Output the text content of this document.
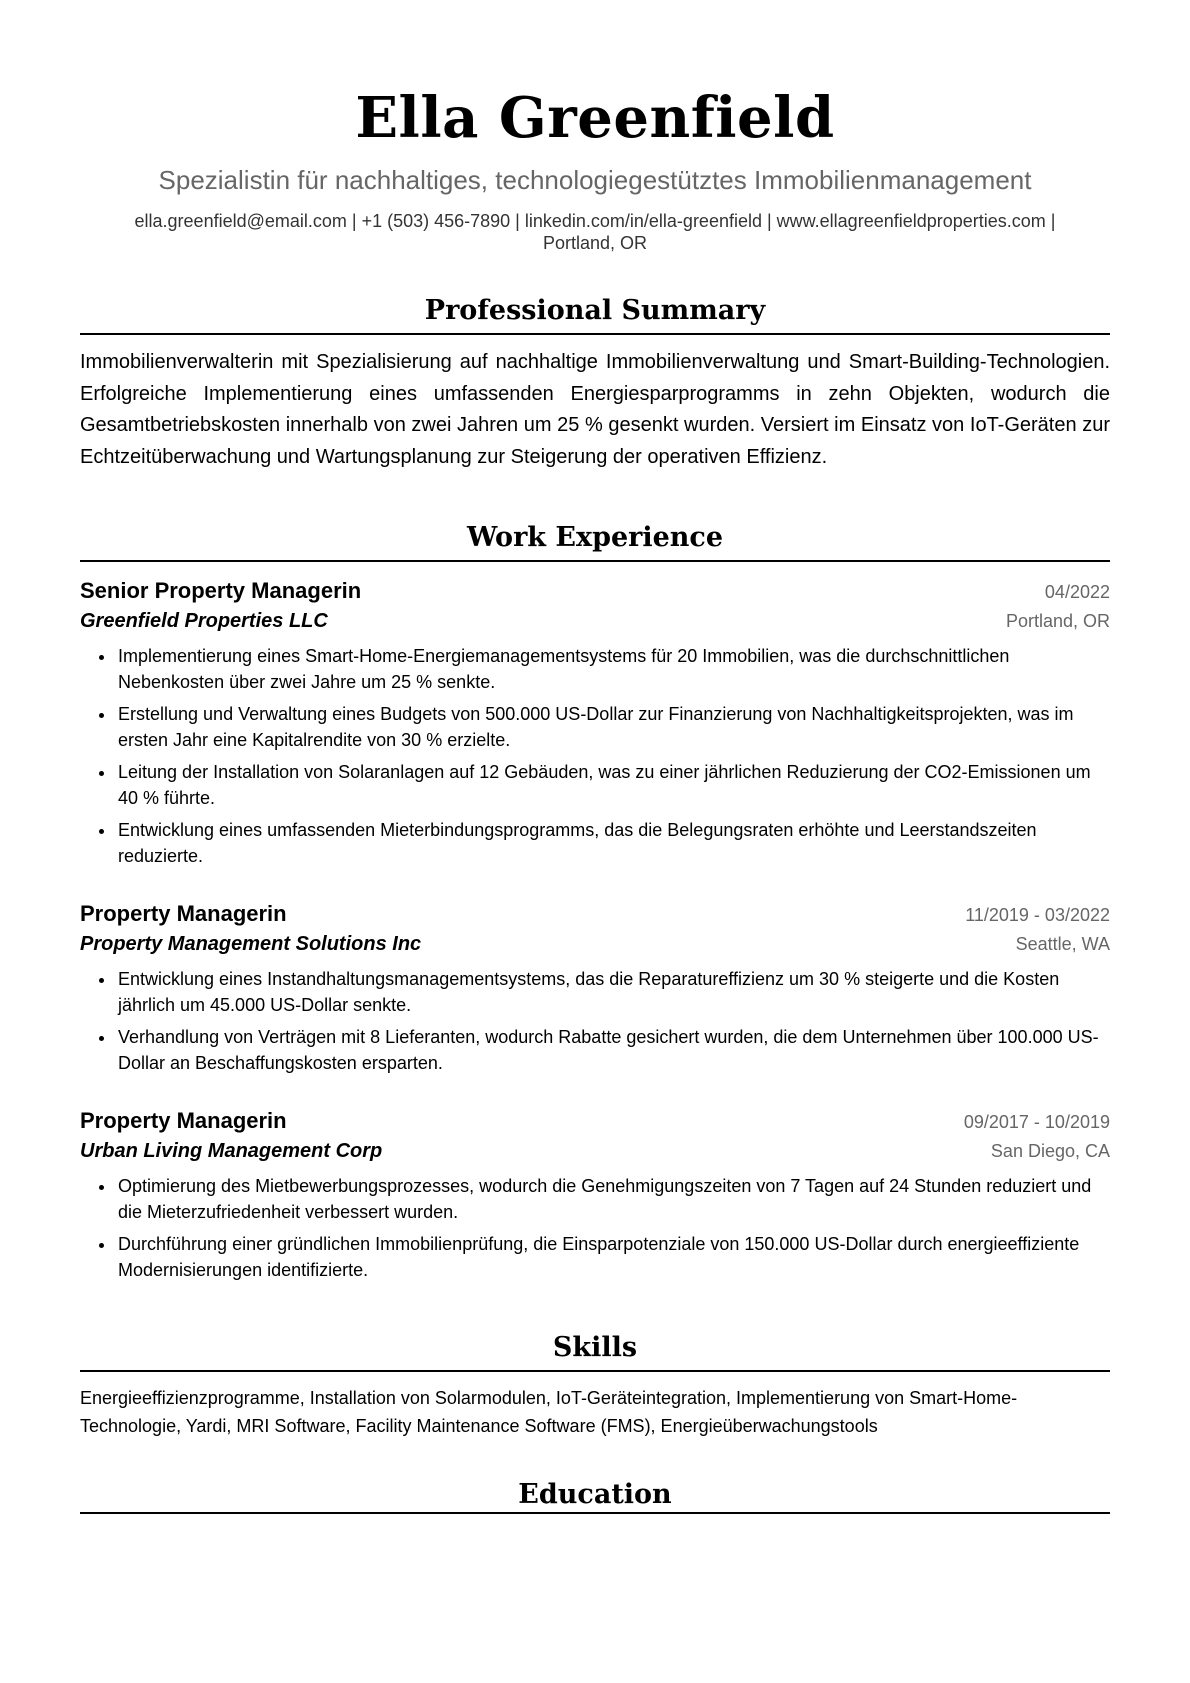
Ella Greenfield
Spezialistin für nachhaltiges, technologiegestütztes Immobilienmanagement
ella.greenfield@email.com | +1 (503) 456-7890 | linkedin.com/in/ella-greenfield | www.ellagreenfieldproperties.com |
Portland, OR
Professional Summary
Immobilienverwalterin mit Spezialisierung auf nachhaltige Immobilienverwaltung und Smart-Building-Technologien. Erfolgreiche Implementierung eines umfassenden Energiesparprogramms in zehn Objekten, wodurch die Gesamtbetriebskosten innerhalb von zwei Jahren um 25 % gesenkt wurden. Versiert im Einsatz von IoT-Geräten zur Echtzeitüberwachung und Wartungsplanung zur Steigerung der operativen Effizienz.
Work Experience
Senior Property Managerin	04/2022
Greenfield Properties LLC	Portland, OR
• Implementierung eines Smart-Home-Energiemanagementsystems für 20 Immobilien, was die durchschnittlichen Nebenkosten über zwei Jahre um 25 % senkte.
• Erstellung und Verwaltung eines Budgets von 500.000 US-Dollar zur Finanzierung von Nachhaltigkeitsprojekten, was im ersten Jahr eine Kapitalrendite von 30 % erzielte.
• Leitung der Installation von Solaranlagen auf 12 Gebäuden, was zu einer jährlichen Reduzierung der CO2-Emissionen um 40 % führte.
• Entwicklung eines umfassenden Mieterbindungsprogramms, das die Belegungsraten erhöhte und Leerstandszeiten reduzierte.
Property Managerin	11/2019 - 03/2022
Property Management Solutions Inc	Seattle, WA
• Entwicklung eines Instandhaltungsmanagementsystems, das die Reparatureffizienz um 30 % steigerte und die Kosten jährlich um 45.000 US-Dollar senkte.
• Verhandlung von Verträgen mit 8 Lieferanten, wodurch Rabatte gesichert wurden, die dem Unternehmen über 100.000 US-Dollar an Beschaffungskosten ersparten.
Property Managerin	09/2017 - 10/2019
Urban Living Management Corp	San Diego, CA
• Optimierung des Mietbewerbungsprozesses, wodurch die Genehmigungszeiten von 7 Tagen auf 24 Stunden reduziert und die Mieterzufriedenheit verbessert wurden.
• Durchführung einer gründlichen Immobilienprüfung, die Einsparpotenziale von 150.000 US-Dollar durch energieeffiziente Modernisierungen identifizierte.
Skills
Energieeffizienzprogramme, Installation von Solarmodulen, IoT-Geräteintegration, Implementierung von Smart-Home-Technologie, Yardi, MRI Software, Facility Maintenance Software (FMS), Energieüberwachungstools
Education
